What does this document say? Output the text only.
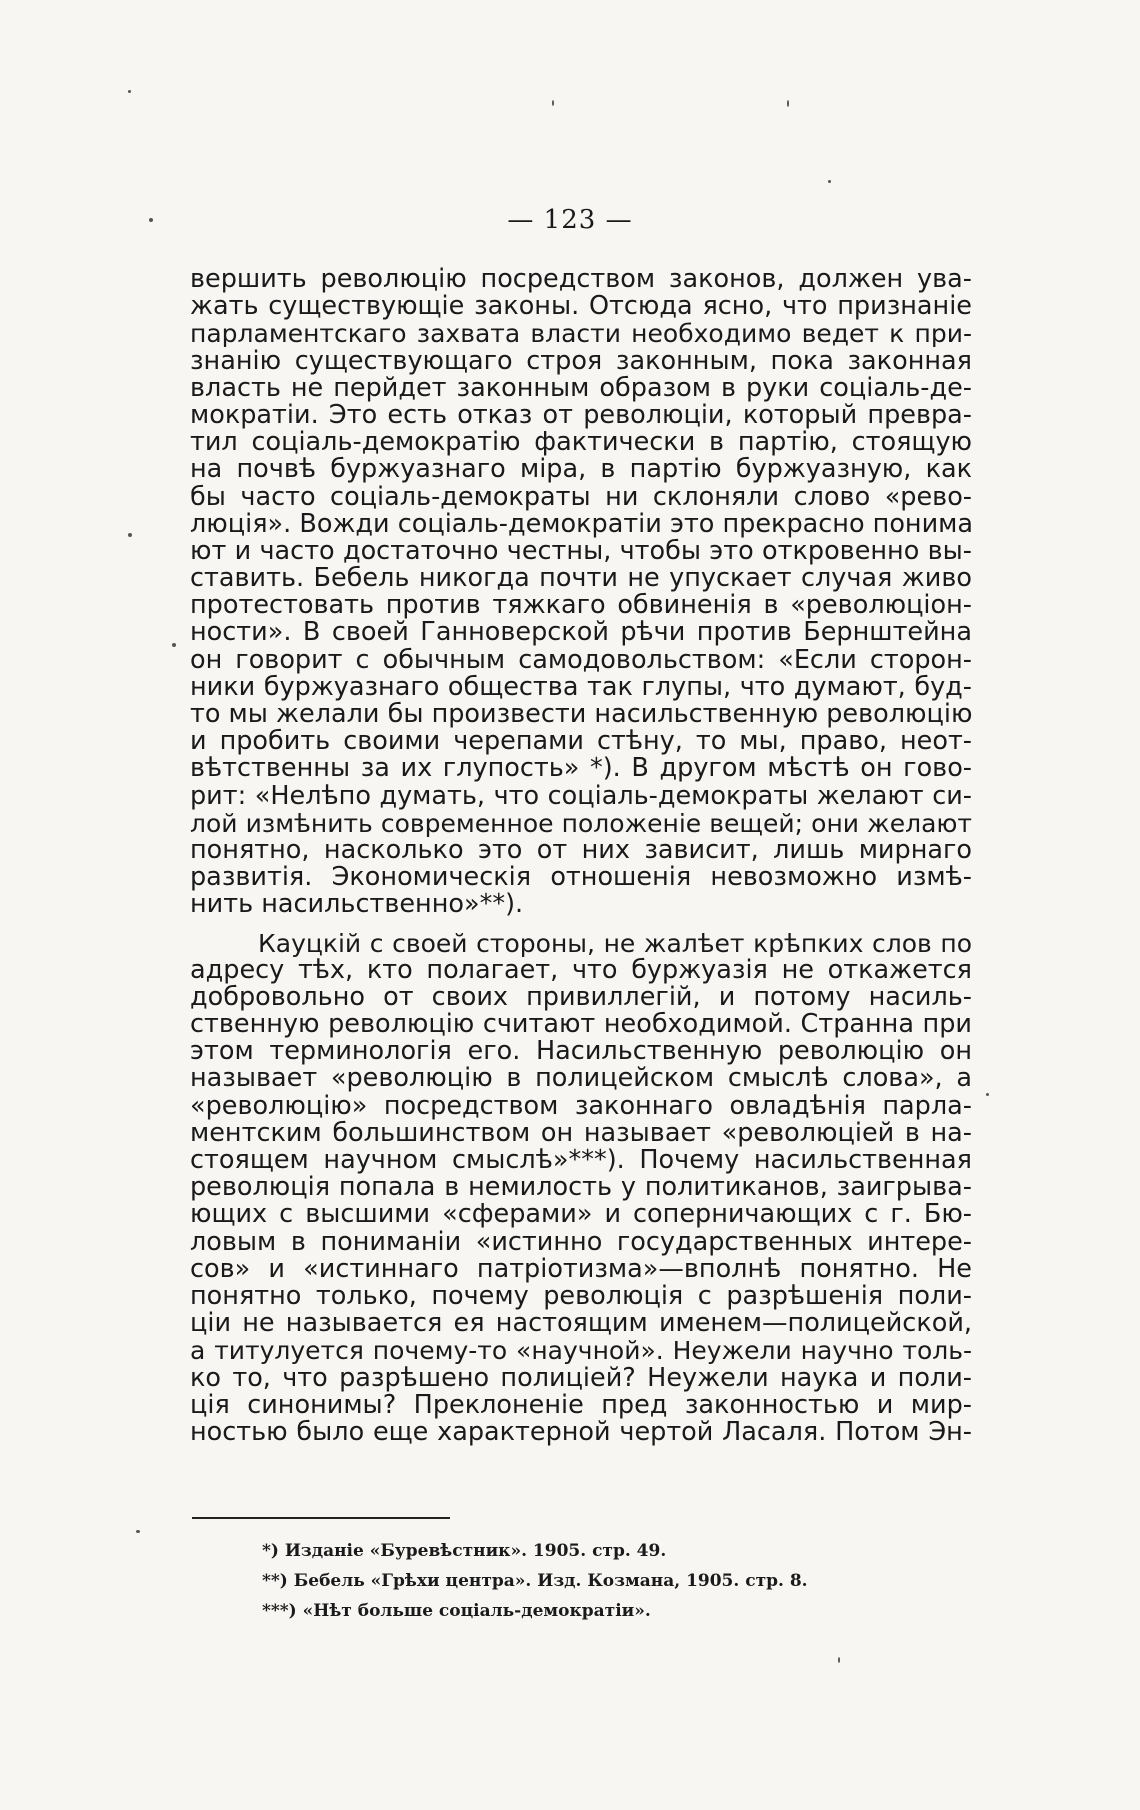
— 123 —
вершить революцію посредством законов, должен ува-
жать существующіе законы. Отсюда ясно, что признаніе
парламентскаго захвата власти необходимо ведет к при-
знанію существующаго строя законным, пока законная
власть не перйдет законным образом в руки соціаль-де-
мократіи. Это есть отказ от революціи, который превра-
тил соціаль-демократію фактически в партію, стоящую
на почвѣ буржуазнаго міра, в партію буржуазную, как
бы часто соціаль-демократы ни склоняли слово «рево-
люція». Вожди соціаль-демократіи это прекрасно понима
ют и часто достаточно честны, чтобы это откровенно вы-
ставить. Бебель никогда почти не упускает случая живо
протестовать против тяжкаго обвиненія в «революціон-
ности». В своей Ганноверской рѣчи против Бернштейна
он говорит с обычным самодовольством: «Если сторон-
ники буржуазнаго общества так глупы, что думают, буд-
то мы желали бы произвести насильственную революцію
и пробить своими черепами стѣну, то мы, право, неот-
вѣтственны за их глупость» *). В другом мѣстѣ он гово-
рит: «Нелѣпо думать, что соціаль-демократы желают си-
лой измѣнить современное положеніе вещей; они желают
понятно, насколько это от них зависит, лишь мирнаго
развитія. Экономическія отношенія невозможно измѣ-
нить насильственно»**).
Кауцкій с своей стороны, не жалѣет крѣпких слов по
адресу тѣх, кто полагает, что буржуазія не откажется
добровольно от своих привиллегій, и потому насиль-
ственную революцію считают необходимой. Странна при
этом терминологія его. Насильственную революцію он
называет «революцію в полицейском смыслѣ слова», а
«революцію» посредством законнаго овладѣнія парла-
ментским большинством он называет «революціей в на-
стоящем научном смыслѣ»***). Почему насильственная
революція попала в немилость у политиканов, заигрыва-
ющих с высшими «сферами» и соперничающих с г. Бю-
ловым в пониманіи «истинно государственных интере-
сов» и «истиннаго патріотизма»—вполнѣ понятно. Не
понятно только, почему революція с разрѣшенія поли-
ціи не называется ея настоящим именем—полицейской,
а титулуется почему-то «научной». Неужели научно толь-
ко то, что разрѣшено полиціей? Неужели наука и поли-
ція синонимы? Преклоненіе пред законностью и мир-
ностью было еще характерной чертой Ласаля. Потом Эн-
*) Изданіе «Буревѣстник». 1905. стр. 49.
**) Бебель «Грѣхи центра». Изд. Козмана, 1905. стр. 8.
***) «Нѣт больше соціаль-демократіи».
